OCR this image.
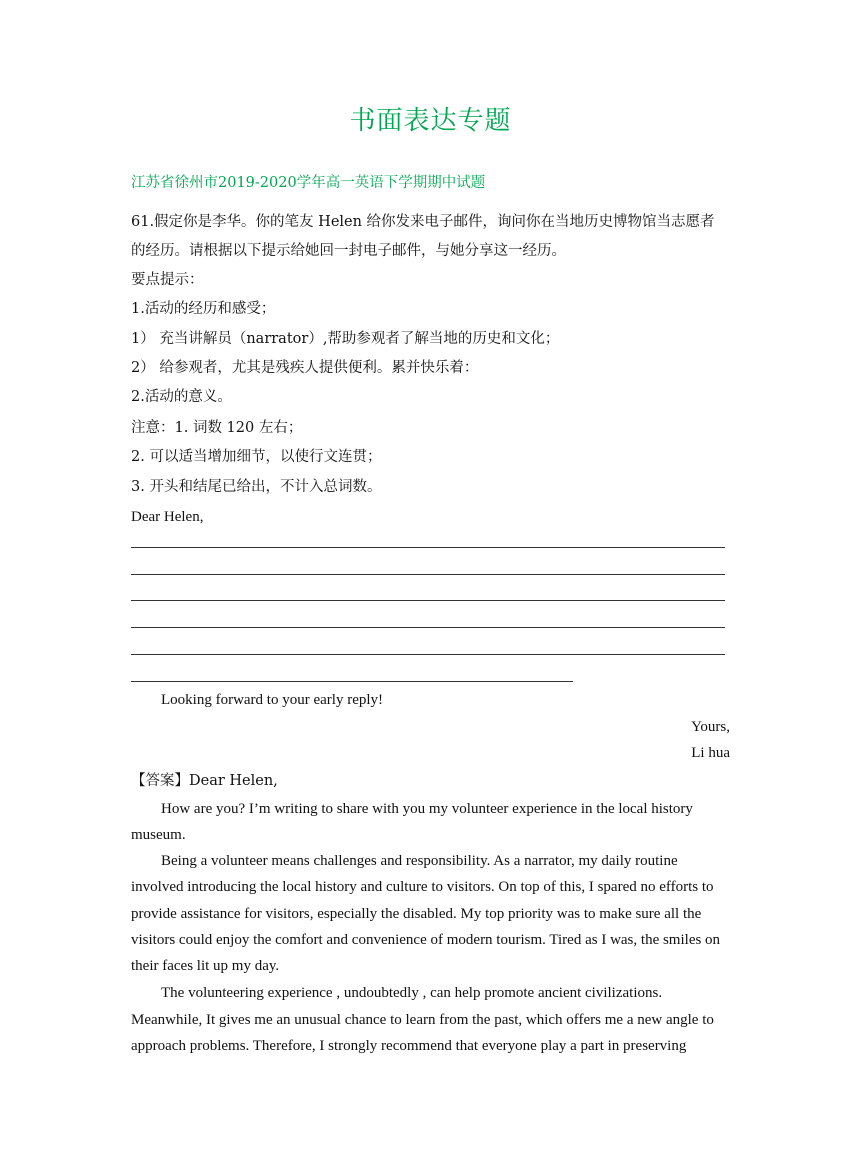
书面表达专题
江苏省徐州市2019-2020学年高一英语下学期期中试题
61.假定你是李华。你的笔友 Helen 给你发来电子邮件，询问你在当地历史博物馆当志愿者
的经历。请根据以下提示给她回一封电子邮件，与她分享这一经历。
要点提示：
1.活动的经历和感受；
1） 充当讲解员（narrator）,帮助参观者了解当地的历史和文化；
2） 给参观者，尤其是残疾人提供便利。累并快乐着：
2.活动的意义。
注意：1. 词数 120 左右；
2. 可以适当增加细节，以使行文连贯；
3. 开头和结尾已给出，不计入总词数。
Dear Helen,
Looking forward to your early reply!
Yours,
Li hua
【答案】Dear Helen,
How are you? I’m writing to share with you my volunteer experience in the local history
museum.
Being a volunteer means challenges and responsibility. As a narrator, my daily routine
involved introducing the local history and culture to visitors. On top of this, I spared no efforts to
provide assistance for visitors, especially the disabled. My top priority was to make sure all the
visitors could enjoy the comfort and convenience of modern tourism. Tired as I was, the smiles on
their faces lit up my day.
The volunteering experience , undoubtedly , can help promote ancient civilizations.
Meanwhile, It gives me an unusual chance to learn from the past, which offers me a new angle to
approach problems. Therefore, I strongly recommend that everyone play a part in preserving
